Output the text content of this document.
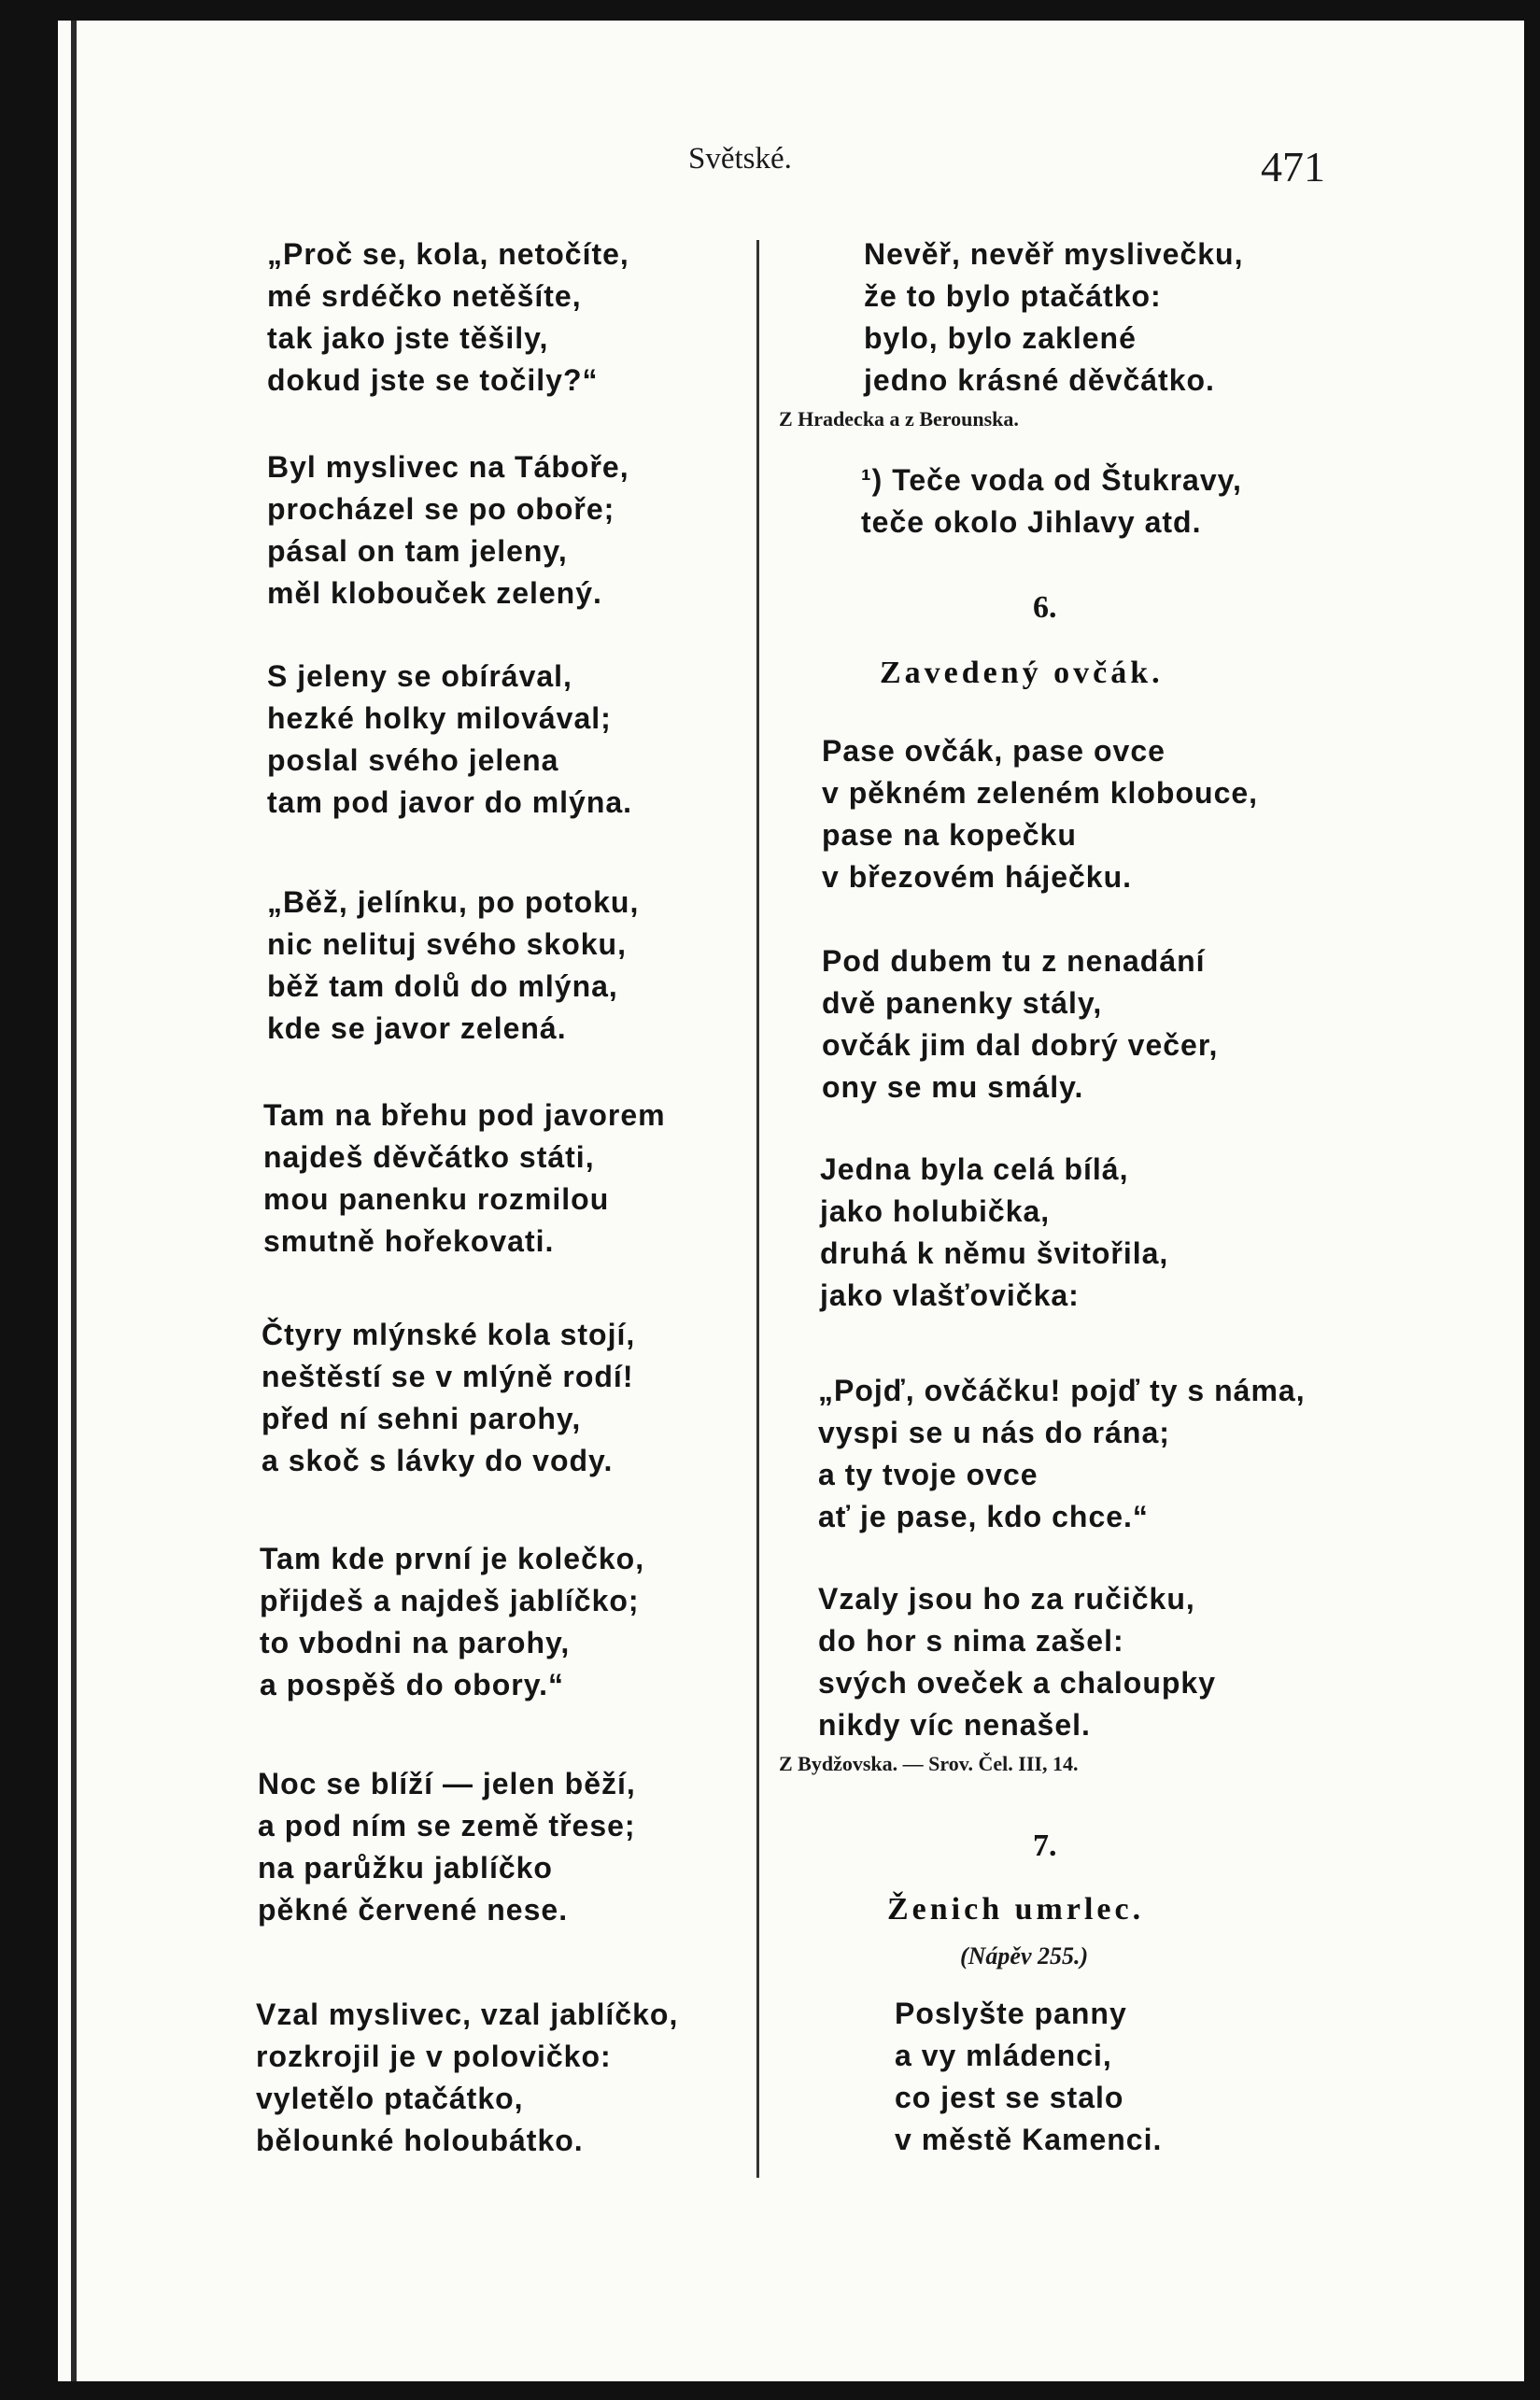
Světské.	471
„Proč se, kola, netočíte,
mé srdéčko netěšíte,
tak jako jste těšily,
dokud jste se točily?“
Byl myslivec na Táboře,
procházel se po oboře;
pásal on tam jeleny,
měl klobouček zelený.
S jeleny se obírával,
hezké holky milovával;
poslal svého jelena
tam pod javor do mlýna.
„Běž, jelínku, po potoku,
nic nelituj svého skoku,
běž tam dolů do mlýna,
kde se javor zelená.
Tam na břehu pod javorem
najdeš děvčátko státi,
mou panenku rozmilou
smutně hořekovati.
Čtyry mlýnské kola stojí,
neštěstí se v mlýně rodí!
před ní sehni parohy,
a skoč s lávky do vody.
Tam kde první je kolečko,
přijdeš a najdeš jablíčko;
to vbodni na parohy,
a pospěš do obory.“
Noc se blíží — jelen běží,
a pod ním se země třese;
na parůžku jablíčko
pěkné červené nese.
Vzal myslivec, vzal jablíčko,
rozkrojil je v polovičko:
vyletělo ptačátko,
bělounké holoubátko.
Nevěř, nevěř myslivečku,
že to bylo ptačátko:
bylo, bylo zaklené
jedno krásné děvčátko.
Z Hradecka a z Berounska.
¹) Teče voda od Štukravy,
teče okolo Jihlavy atd.
6.
Zavedený ovčák.
Pase ovčák, pase ovce
v pěkném zeleném klobouce,
pase na kopečku
v březovém háječku.
Pod dubem tu z nenadání
dvě panenky stály,
ovčák jim dal dobrý večer,
ony se mu smály.
Jedna byla celá bílá,
jako holubička,
druhá k němu švitořila,
jako vlašťovička:
„Pojď, ovčáčku! pojď ty s náma,
vyspi se u nás do rána;
a ty tvoje ovce
ať je pase, kdo chce.“
Vzaly jsou ho za ručičku,
do hor s nima zašel:
svých oveček a chaloupky
nikdy víc nenašel.
Z Bydžovska. — Srov. Čel. III, 14.
7.
Ženich umrlec.
(Nápěv 255.)
Poslyšte panny
a vy mládenci,
co jest se stalo
v městě Kamenci.
